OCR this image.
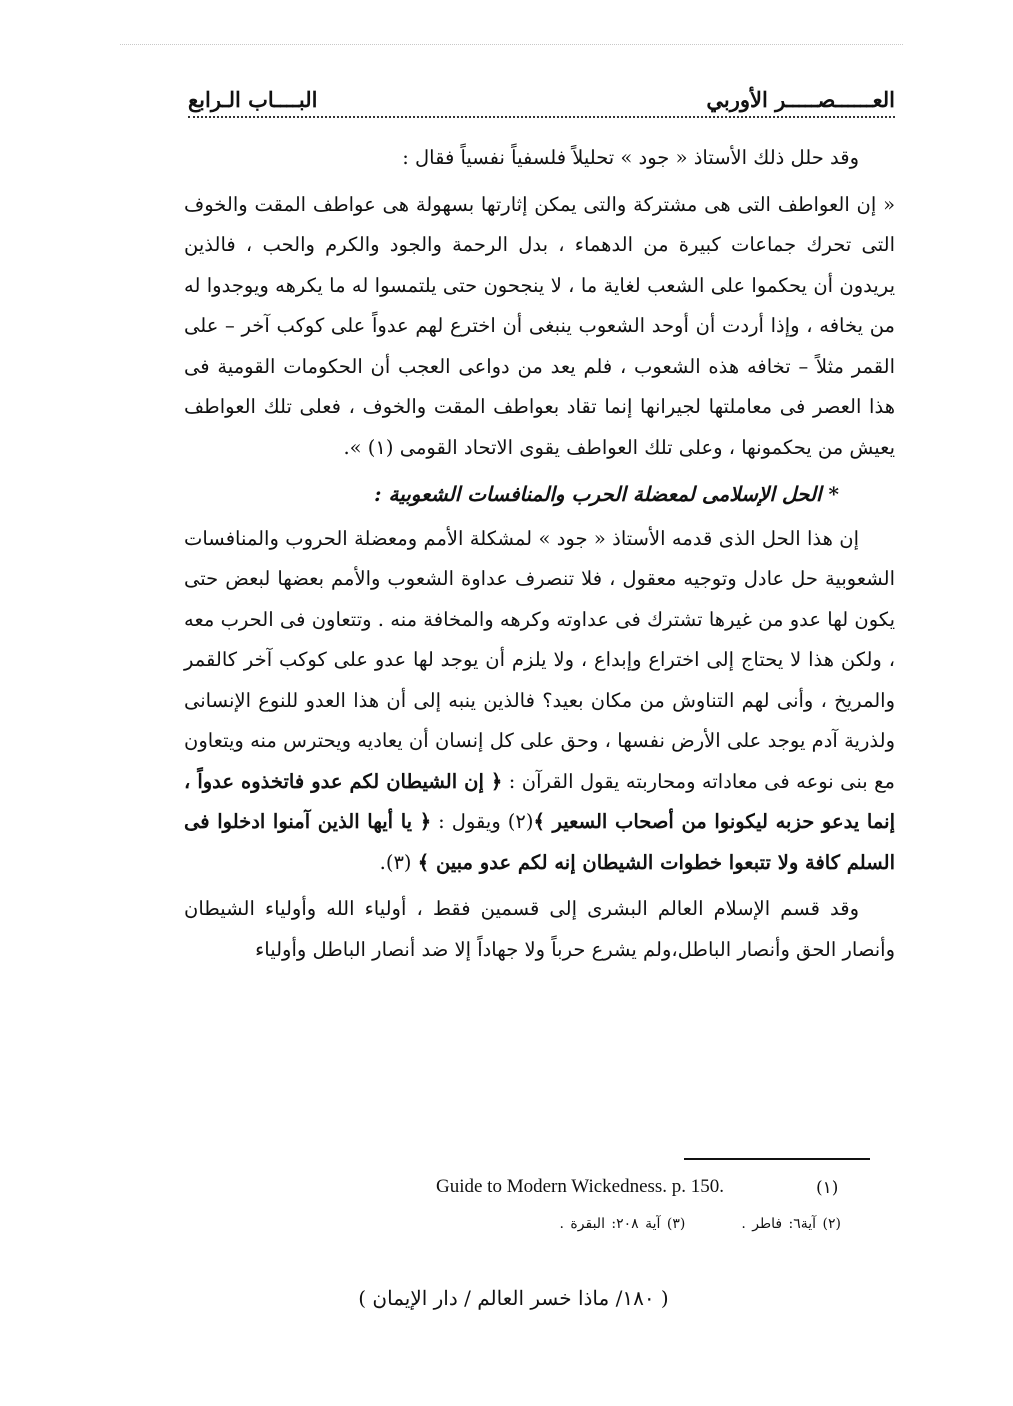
العــــــصـــــر الأوربي
البــــاب الـرابع

وقد حلل ذلك الأستاذ « جود » تحليلاً فلسفياً نفسياً فقال :

« إن العواطف التى هى مشتركة والتى يمكن إثارتها بسهولة هى عواطف المقت والخوف التى تحرك جماعات كبيرة من الدهماء ، بدل الرحمة والجود والكرم والحب ، فالذين يريدون أن يحكموا على الشعب لغاية ما ، لا ينجحون حتى يلتمسوا له ما يكرهه ويوجدوا له من يخافه ، وإذا أردت أن أوحد الشعوب ينبغى أن اخترع لهم عدواً على كوكب آخر – على القمر مثلاً – تخافه هذه الشعوب ، فلم يعد من دواعى العجب أن الحكومات القومية فى هذا العصر فى معاملتها لجيرانها إنما تقاد بعواطف المقت والخوف ، فعلى تلك العواطف يعيش من يحكمونها ، وعلى تلك العواطف يقوى الاتحاد القومى (١) ».

* الحل الإسلامى لمعضلة الحرب والمنافسات الشعوبية :

إن هذا الحل الذى قدمه الأستاذ « جود » لمشكلة الأمم ومعضلة الحروب والمنافسات الشعوبية حل عادل وتوجيه معقول ، فلا تنصرف عداوة الشعوب والأمم بعضها لبعض حتى يكون لها عدو من غيرها تشترك فى عداوته وكرهه والمخافة منه . وتتعاون فى الحرب معه ، ولكن هذا لا يحتاج إلى اختراع وإبداع ، ولا يلزم أن يوجد لها عدو على كوكب آخر كالقمر والمريخ ، وأنى لهم التناوش من مكان بعيد؟ فالذين ينبه إلى أن هذا العدو للنوع الإنسانى ولذرية آدم يوجد على الأرض نفسها ، وحق على كل إنسان أن يعاديه ويحترس منه ويتعاون مع بنى نوعه فى معاداته ومحاربته يقول القرآن : ﴿ إن الشيطان لكم عدو فاتخذوه عدواً ، إنما يدعو حزبه ليكونوا من أصحاب السعير ﴾(٢) ويقول : ﴿ يا أيها الذين آمنوا ادخلوا فى السلم كافة ولا تتبعوا خطوات الشيطان إنه لكم عدو مبين ﴾ (٣).

وقد قسم الإسلام العالم البشرى إلى قسمين فقط ، أولياء الله وأولياء الشيطان وأنصار الحق وأنصار الباطل،ولم يشرع حرباً ولا جهاداً إلا ضد أنصار الباطل وأولياء

Guide to Modern Wickedness. p. 150.	(١)
(٢) آية٦: فاطر .(٣) آية ٢٠٨: البقرة .
( ١٨٠/ ماذا خسر العالم / دار الإيمان )
